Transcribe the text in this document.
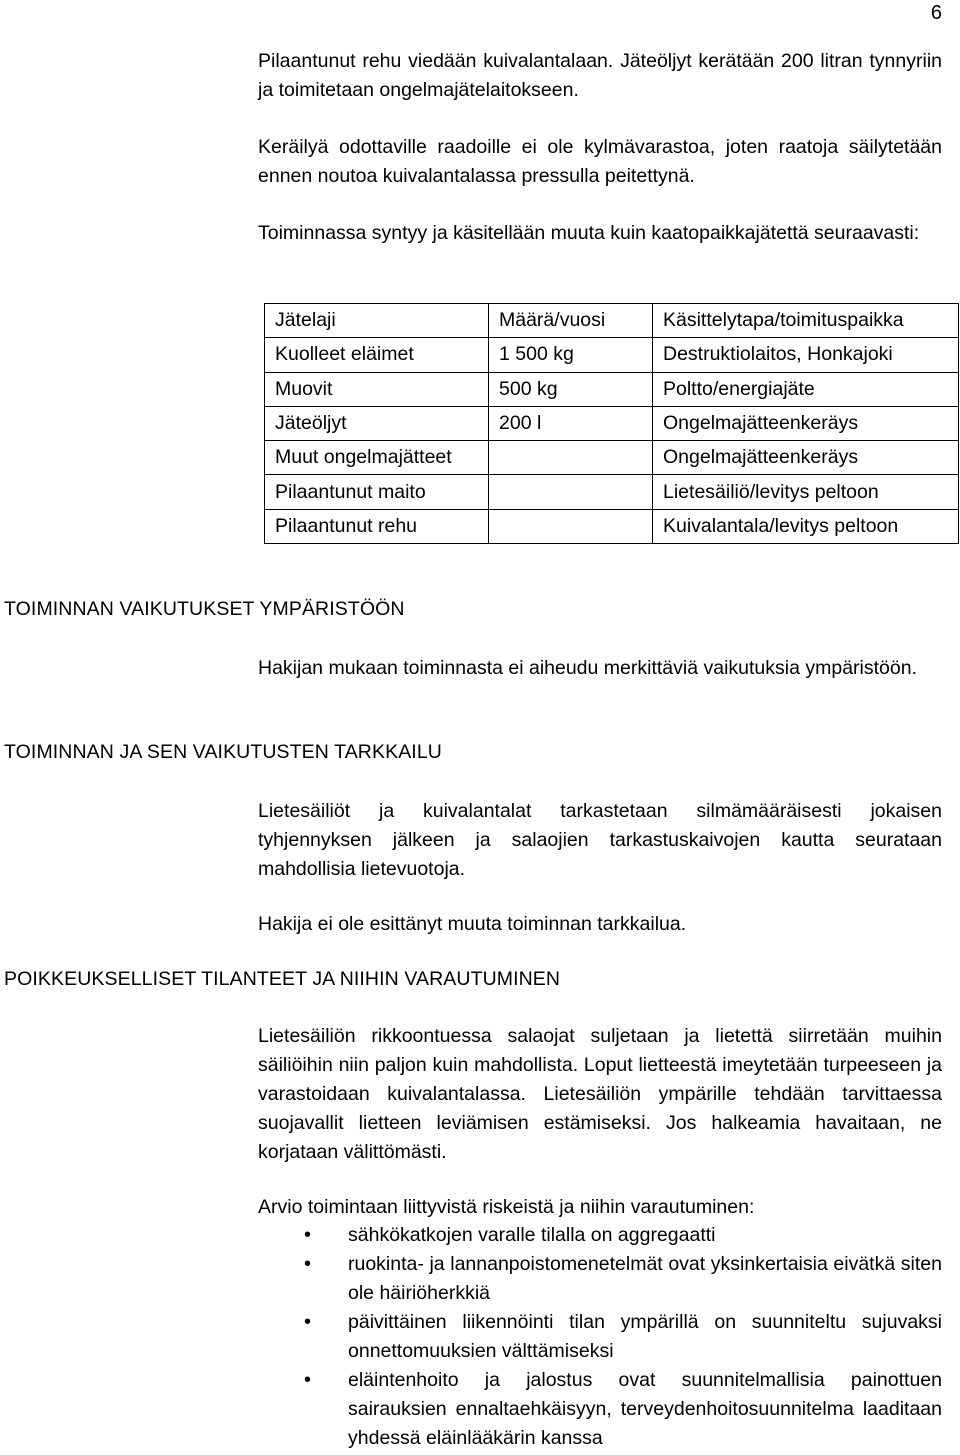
6

Pilaantunut rehu viedään kuivalantalaan. Jäteöljyt kerätään 200 litran tynnyriin ja toimitetaan ongelmajätelaitokseen.

Keräilyä odottaville raadoille ei ole kylmävarastoa, joten raatoja säilytetään ennen noutoa kuivalantalassa pressulla peitettynä.

Toiminnassa syntyy ja käsitellään muuta kuin kaatopaikkajätettä seuraavasti:

Jätelaji	Määrä/vuosi	Käsittelytapa/toimituspaikka
Kuolleet eläimet	1 500 kg	Destruktiolaitos, Honkajoki
Muovit	500 kg	Poltto/energiajäte
Jäteöljyt	200 l	Ongelmajätteenkeräys
Muut ongelmajätteet		Ongelmajätteenkeräys
Pilaantunut maito		Lietesäiliö/levitys peltoon
Pilaantunut rehu		Kuivalantala/levitys peltoon
TOIMINNAN VAIKUTUKSET YMPÄRISTÖÖN

Hakijan mukaan toiminnasta ei aiheudu merkittäviä vaikutuksia ympäristöön.

TOIMINNAN JA SEN VAIKUTUSTEN TARKKAILU

Lietesäiliöt ja kuivalantalat tarkastetaan silmämääräisesti jokaisen tyhjennyksen jälkeen ja salaojien tarkastuskaivojen kautta seurataan mahdollisia lietevuotoja.

Hakija ei ole esittänyt muuta toiminnan tarkkailua.

POIKKEUKSELLISET TILANTEET JA NIIHIN VARAUTUMINEN

Lietesäiliön rikkoontuessa salaojat suljetaan ja lietettä siirretään muihin säiliöihin niin paljon kuin mahdollista. Loput lietteestä imeytetään turpeeseen ja varastoidaan kuivalantalassa. Lietesäiliön ympärille tehdään tarvittaessa suojavallit lietteen leviämisen estämiseksi. Jos halkeamia havaitaan, ne korjataan välittömästi.

Arvio toimintaan liittyvistä riskeistä ja niihin varautuminen:

• sähkökatkojen varalle tilalla on aggregaatti
• ruokinta- ja lannanpoistomenetelmät ovat yksinkertaisia eivätkä siten ole häiriöherkkiä
• päivittäinen liikennöinti tilan ympärillä on suunniteltu sujuvaksi onnettomuuksien välttämiseksi
• eläintenhoito ja jalostus ovat suunnitelmallisia painottuen sairauksien ennaltaehkäisyyn, terveydenhoitosuunnitelma laaditaan yhdessä eläinlääkärin kanssa
